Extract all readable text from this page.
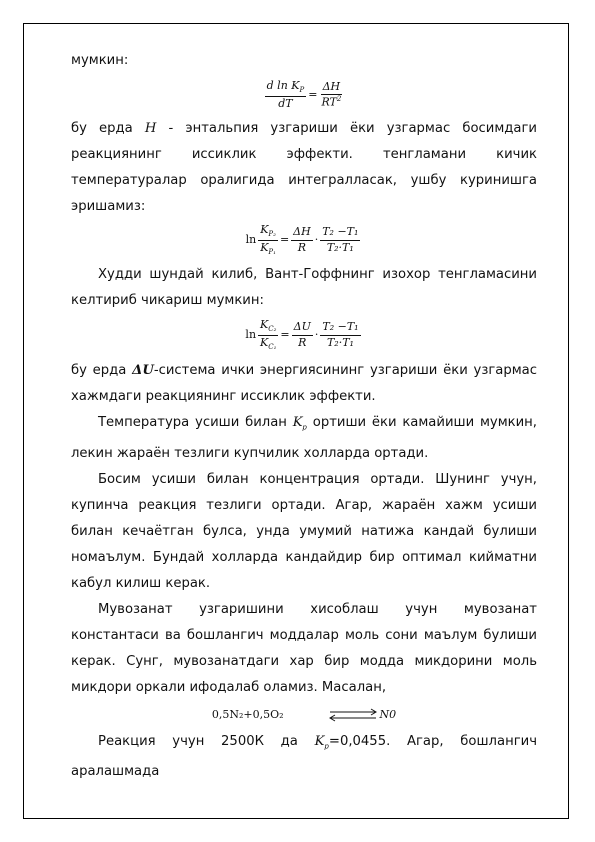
мумкин:

$\frac{d \ln K_P}{dT} = \frac{\Delta H}{RT^2}$

бу ерда H - энтальпия узгариши ёки узгармас босимдаги реакциянинг иссиклик эффекти. тенгламани кичик температуралар оралигида интегралласак, ушбу куринишга эришамиз:

$\ln \frac{K_{P_2}}{K_{P_1}} = \frac{\Delta H}{R} \cdot \frac{\text{T₂ −T₁}}{\text{T₂·T₁}}$

Худди шундай килиб, Вант-Гоффнинг изохор тенгламасини келтириб чикариш мумкин:

$\ln \frac{K_{C_2}}{K_{C_1}} = \frac{\Delta U}{R} \cdot \frac{\text{T₂ −T₁}}{\text{T₂·T₁}}$

бу ерда ΔU-система ички энергиясининг узгариши ёки узгармас хажмдаги реакциянинг иссиклик эффекти.

Температура усиши билан $K_p$ ортиши ёки камайиши мумкин, лекин жараён тезлиги купчилик холларда ортади.

Босим усиши билан концентрация ортади. Шунинг учун, купинча реакция тезлиги ортади. Агар, жараён хажм усиши билан кечаётган булса, унда умумий натижа кандай булиши номаълум. Бундай холларда кандайдир бир оптимал кийматни кабул килиш керак.

Мувозанат узгаришини хисоблаш учун мувозанат константаси ва бошлангич моддалар моль сони маълум булиши керак. Сунг, мувозанатдаги хар бир модда микдорини моль микдори оркали ифодалаб оламиз. Масалан,

0,5N₂+0,5O₂	N0

Реакция учун 2500К да $K_p=0,0455$. Агар, бошлангич аралашмада
